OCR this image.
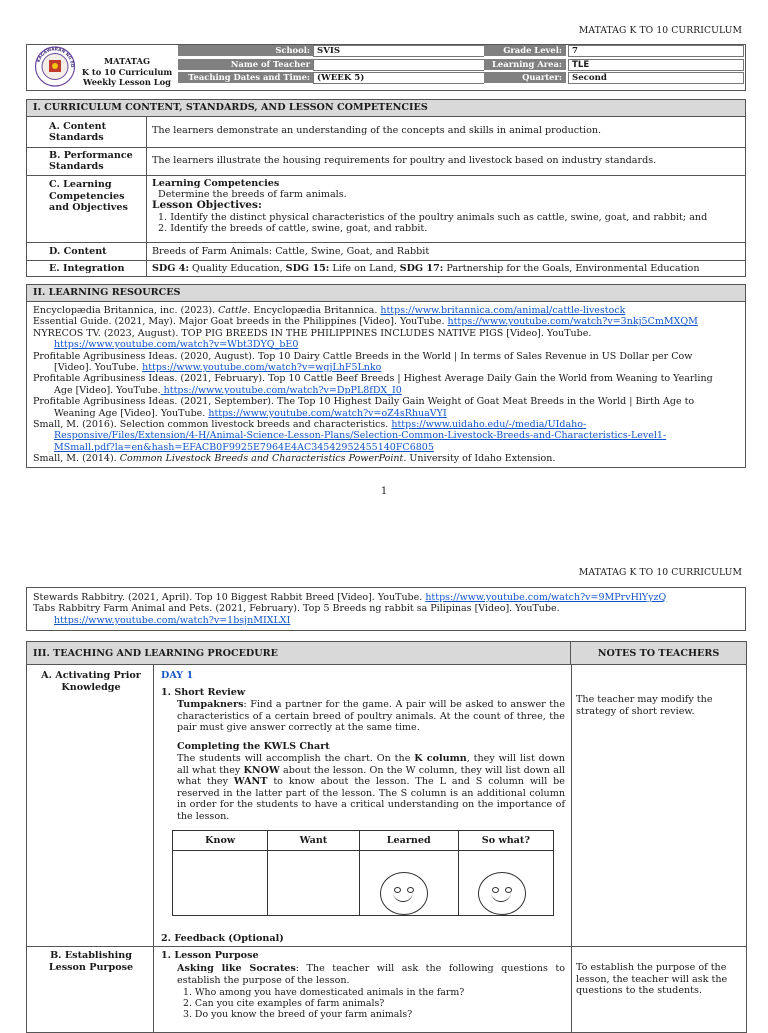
MATATAG K TO 10 CURRICULUM
MATATAG K TO 10 CURRICULUM
KAGAWARAN NG ED	MATATAG
K to 10 Curriculum
Weekly Lesson Log
School: SVIS
Name of Teacher
Teaching Dates and Time: (WEEK 5)
Grade Level:	7
Learning Area:	TLE
Quarter:	Second
I. CURRICULUM CONTENT, STANDARDS, AND LESSON COMPETENCIES
A. Content Standards
The learners demonstrate an understanding of the concepts and skills in animal production.
B. Performance Standards
The learners illustrate the housing requirements for poultry and livestock based on industry standards.
C. Learning Competencies and Objectives
Learning Competencies
Determine the breeds of farm animals.
Lesson Objectives:
1. Identify the distinct physical characteristics of the poultry animals such as cattle, swine, goat, and rabbit; and
2. Identify the breeds of cattle, swine, goat, and rabbit.
D. Content	Breeds of Farm Animals: Cattle, Swine, Goat, and Rabbit
E. Integration	SDG 4: Quality Education, SDG 15: Life on Land, SDG 17: Partnership for the Goals, Environmental Education
II. LEARNING RESOURCES
Encyclopædia Britannica, inc. (2023). Cattle. Encyclopædia Britannica. https://www.britannica.com/animal/cattle-livestock
Essential Guide. (2021, May). Major Goat breeds in the Philippines [Video]. YouTube. https://www.youtube.com/watch?v=3nkj5CmMXQM
NYRECOS TV. (2023, August). TOP PIG BREEDS IN THE PHILIPPINES INCLUDES NATIVE PIGS [Video]. YouTube.
https://www.youtube.com/watch?v=Wbt3DYQ_bE0
Profitable Agribusiness Ideas. (2020, August). Top 10 Dairy Cattle Breeds in the World | In terms of Sales Revenue in US Dollar per Cow
[Video]. YouTube. https://www.youtube.com/watch?v=wgjLhF5Lnko
Profitable Agribusiness Ideas. (2021, February). Top 10 Cattle Beef Breeds | Highest Average Daily Gain the World from Weaning to Yearling
Age [Video]. YouTube. https://www.youtube.com/watch?v=DpPL8fDX_I0
Profitable Agribusiness Ideas. (2021, September). The Top 10 Highest Daily Gain Weight of Goat Meat Breeds in the World | Birth Age to
Weaning Age [Video]. YouTube. https://www.youtube.com/watch?v=oZ4sRhuaVYI
Small, M. (2016). Selection common livestock breeds and characteristics. https://www.uidaho.edu/-/media/UIdaho-
Responsive/Files/Extension/4-H/Animal-Science-Lesson-Plans/Selection-Common-Livestock-Breeds-and-Characteristics-Level1-
MSmall.pdf?la=en&hash=EFACB0F9925E7964E4AC34542952455140FC6805
Small, M. (2014). Common Livestock Breeds and Characteristics PowerPoint. University of Idaho Extension.
1
Stewards Rabbitry. (2021, April). Top 10 Biggest Rabbit Breed [Video]. YouTube. https://www.youtube.com/watch?v=9MPrvHlYyzQ
Tabs Rabbitry Farm Animal and Pets. (2021, February). Top 5 Breeds ng rabbit sa Pilipinas [Video]. YouTube.
https://www.youtube.com/watch?v=1bsjnMIXLXI
III. TEACHING AND LEARNING PROCEDURE	NOTES TO TEACHERS
A. Activating Prior Knowledge
DAY 1
1. Short Review
Tumpakners: Find a partner for the game. A pair will be asked to answer the characteristics of a certain breed of poultry animals. At the count of three, the pair must give answer correctly at the same time.
Completing the KWLS Chart
The students will accomplish the chart. On the K column, they will list down all what they KNOW about the lesson. On the W column, they will list down all what they WANT to know about the lesson. The L and S column will be reserved in the latter part of the lesson. The S column is an additional column in order for the students to have a critical understanding on the importance of the lesson.
Know	Want	Learned	So what?

2. Feedback (Optional)
The teacher may modify the strategy of short review.
B. Establishing Lesson Purpose
1. Lesson Purpose
Asking like Socrates: The teacher will ask the following questions to establish the purpose of the lesson.
1. Who among you have domesticated animals in the farm?
2. Can you cite examples of farm animals?
3. Do you know the breed of your farm animals?
To establish the purpose of the lesson, the teacher will ask the questions to the students.
